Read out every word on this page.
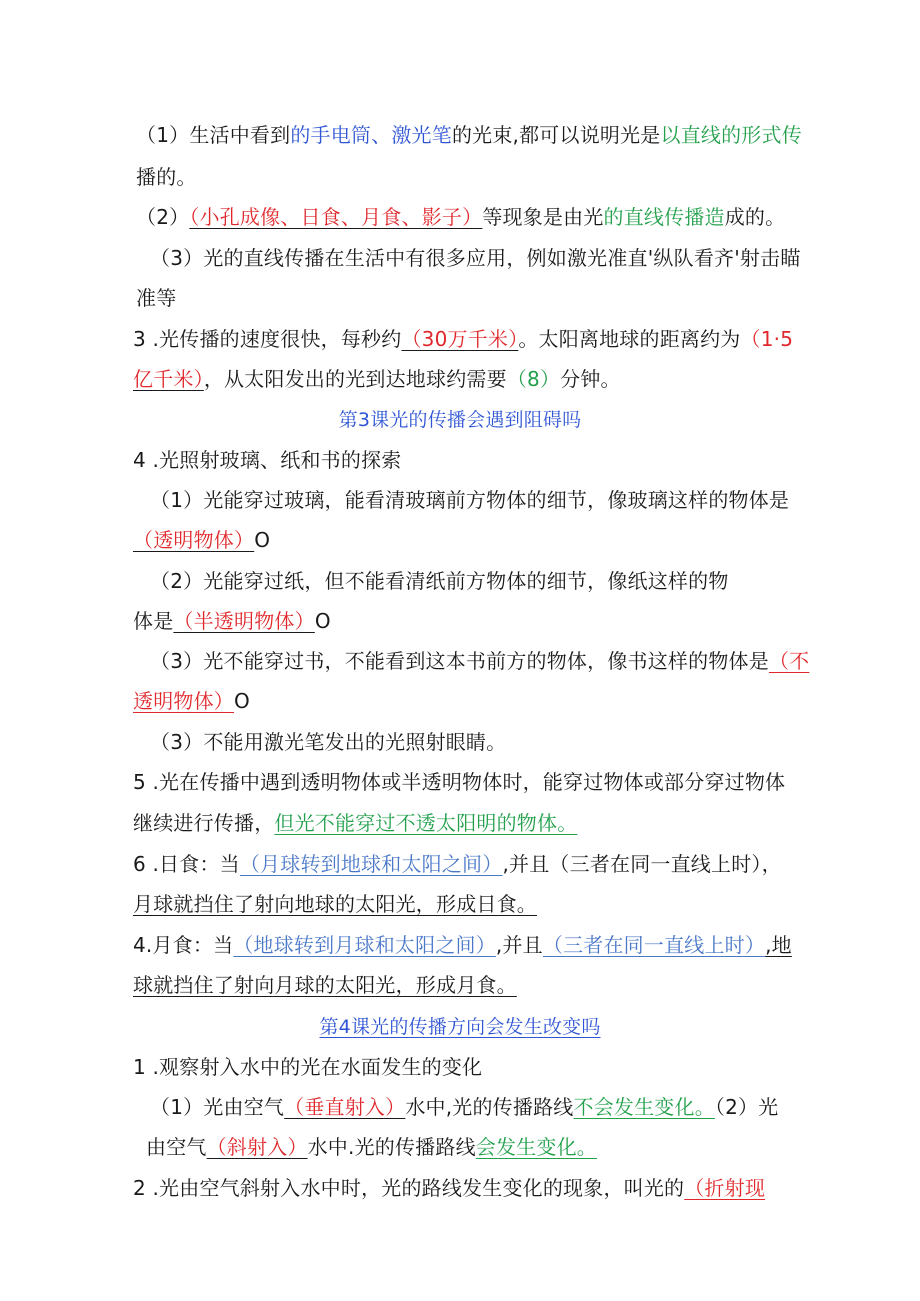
（1）生活中看到的手电筒、激光笔的光束,都可以说明光是以直线的形式传
播的。
（2）（小孔成像、日食、月食、影子）等现象是由光的直线传播造成的。
（3）光的直线传播在生活中有很多应用，例如激光准直'纵队看齐'射击瞄
准等
3 .光传播的速度很快，每秒约（30万千米）。太阳离地球的距离约为（1·5
亿千米），从太阳发出的光到达地球约需要（8）分钟。
第3课光的传播会遇到阻碍吗
4 .光照射玻璃、纸和书的探索
（1）光能穿过玻璃，能看清玻璃前方物体的细节，像玻璃这样的物体是
（透明物体）O
（2）光能穿过纸，但不能看清纸前方物体的细节，像纸这样的物
体是（半透明物体）O
（3）光不能穿过书，不能看到这本书前方的物体，像书这样的物体是（不
透明物体）O
（3）不能用激光笔发出的光照射眼睛。
5 .光在传播中遇到透明物体或半透明物体时，能穿过物体或部分穿过物体
继续进行传播，但光不能穿过不透太阳明的物体。
6 .日食：当（月球转到地球和太阳之间）,并且（三者在同一直线上时），
月球就挡住了射向地球的太阳光，形成日食。
4.月食：当（地球转到月球和太阳之间）,并且（三者在同一直线上时）,地
球就挡住了射向月球的太阳光，形成月食。
第4课光的传播方向会发生改变吗
1 .观察射入水中的光在水面发生的变化
（1）光由空气（垂直射入）水中,光的传播路线不会发生变化。（2）光
由空气（斜射入）水中.光的传播路线会发生变化。
2 .光由空气斜射入水中时，光的路线发生变化的现象，叫光的（折射现
